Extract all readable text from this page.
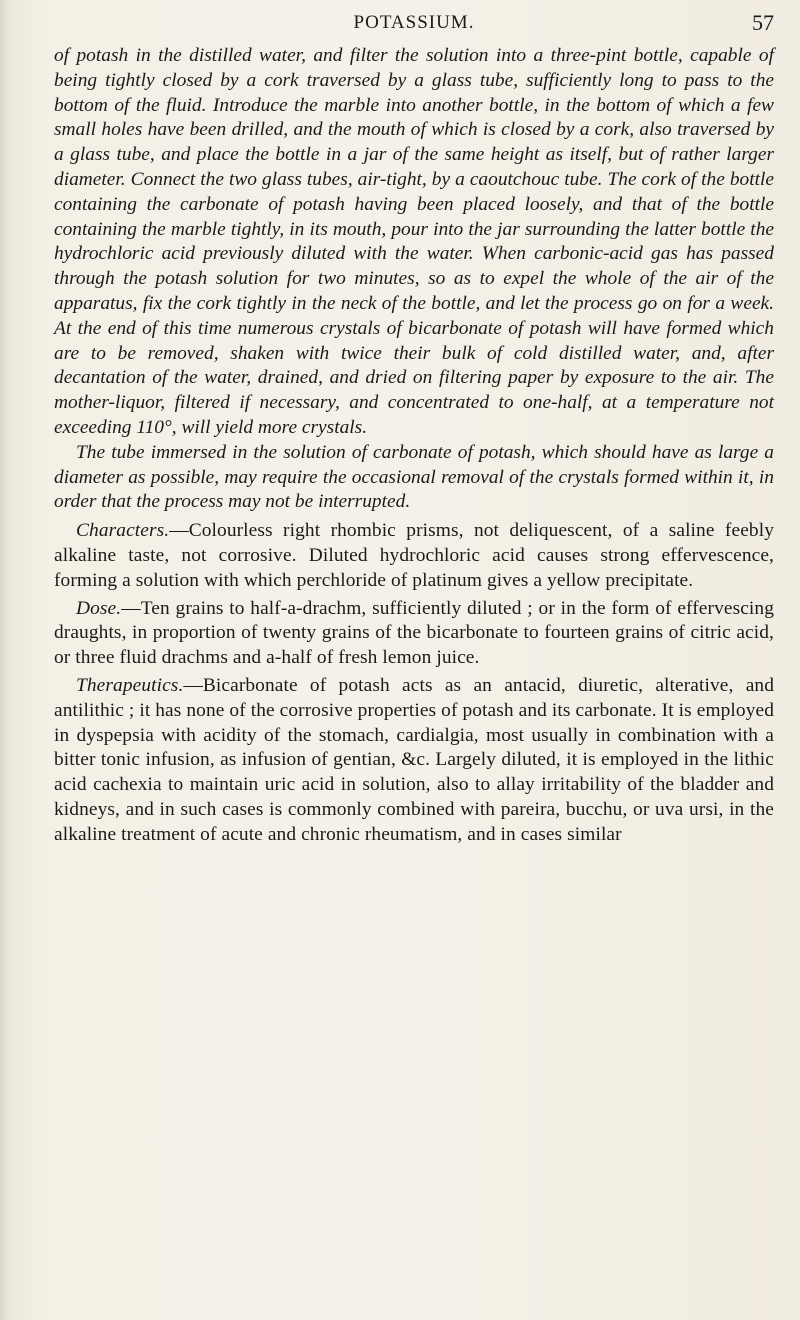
POTASSIUM.	57

of potash in the distilled water, and filter the solution into a three-pint bottle, capable of being tightly closed by a cork traversed by a glass tube, sufficiently long to pass to the bottom of the fluid. Introduce the marble into another bottle, in the bottom of which a few small holes have been drilled, and the mouth of which is closed by a cork, also traversed by a glass tube, and place the bottle in a jar of the same height as itself, but of rather larger diameter. Connect the two glass tubes, air-tight, by a caoutchouc tube. The cork of the bottle containing the carbonate of potash having been placed loosely, and that of the bottle containing the marble tightly, in its mouth, pour into the jar surrounding the latter bottle the hydrochloric acid previously diluted with the water. When carbonic-acid gas has passed through the potash solution for two minutes, so as to expel the whole of the air of the apparatus, fix the cork tightly in the neck of the bottle, and let the process go on for a week. At the end of this time numerous crystals of bicarbonate of potash will have formed which are to be removed, shaken with twice their bulk of cold distilled water, and, after decantation of the water, drained, and dried on filtering paper by exposure to the air. The mother-liquor, filtered if necessary, and concentrated to one-half, at a temperature not exceeding 110°, will yield more crystals.

The tube immersed in the solution of carbonate of potash, which should have as large a diameter as possible, may require the occasional removal of the crystals formed within it, in order that the process may not be interrupted.

Characters.—Colourless right rhombic prisms, not deliquescent, of a saline feebly alkaline taste, not corrosive. Diluted hydrochloric acid causes strong effervescence, forming a solution with which perchloride of platinum gives a yellow precipitate.

Dose.—Ten grains to half-a-drachm, sufficiently diluted ; or in the form of effervescing draughts, in proportion of twenty grains of the bicarbonate to fourteen grains of citric acid, or three fluid drachms and a-half of fresh lemon juice.

Therapeutics.—Bicarbonate of potash acts as an antacid, diuretic, alterative, and antilithic ; it has none of the corrosive properties of potash and its carbonate. It is employed in dyspepsia with acidity of the stomach, cardialgia, most usually in combination with a bitter tonic infusion, as infusion of gentian, &c. Largely diluted, it is employed in the lithic acid cachexia to maintain uric acid in solution, also to allay irritability of the bladder and kidneys, and in such cases is commonly combined with pareira, bucchu, or uva ursi, in the alkaline treatment of acute and chronic rheumatism, and in cases similar
